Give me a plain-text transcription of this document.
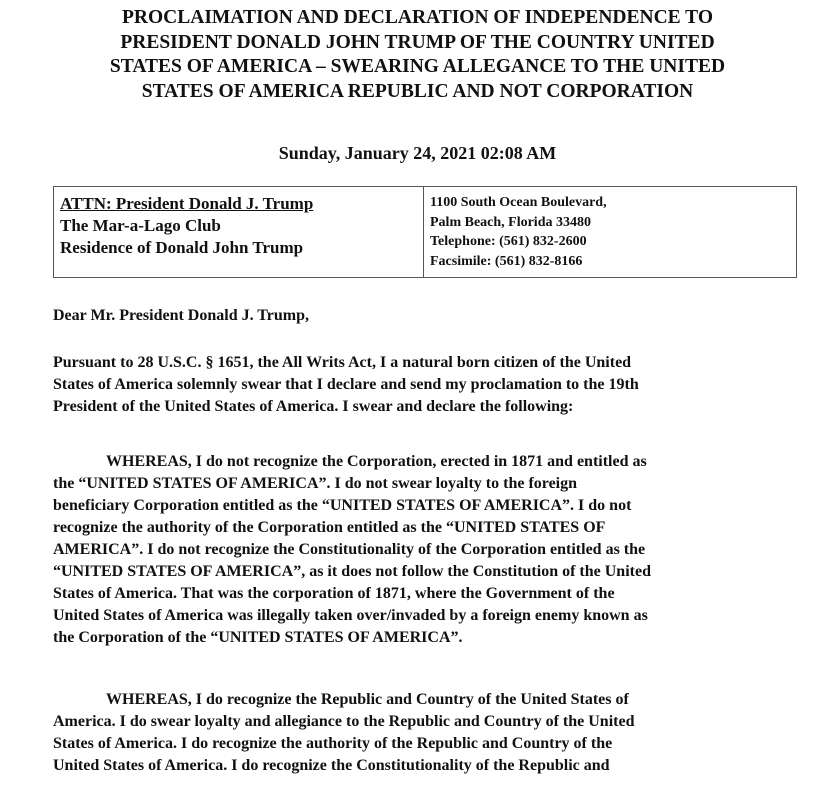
PROCLAIMATION AND DECLARATION OF INDEPENDENCE TO
PRESIDENT DONALD JOHN TRUMP OF THE COUNTRY UNITED
STATES OF AMERICA – SWEARING ALLEGANCE TO THE UNITED
STATES OF AMERICA REPUBLIC AND NOT CORPORATION
Sunday, January 24, 2021 02:08 AM
ATTN: President Donald J. Trump
The Mar-a-Lago Club
Residence of Donald John Trump
1100 South Ocean Boulevard,
Palm Beach, Florida 33480
Telephone: (561) 832-2600
Facsimile: (561) 832-8166
Dear Mr. President Donald J. Trump,
Pursuant to 28 U.S.C. § 1651, the All Writs Act, I a natural born citizen of the United
States of America solemnly swear that I declare and send my proclamation to the 19th
President of the United States of America. I swear and declare the following:
WHEREAS, I do not recognize the Corporation, erected in 1871 and entitled as
the “UNITED STATES OF AMERICA”. I do not swear loyalty to the foreign
beneficiary Corporation entitled as the “UNITED STATES OF AMERICA”. I do not
recognize the authority of the Corporation entitled as the “UNITED STATES OF
AMERICA”. I do not recognize the Constitutionality of the Corporation entitled as the
“UNITED STATES OF AMERICA”, as it does not follow the Constitution of the United
States of America. That was the corporation of 1871, where the Government of the
United States of America was illegally taken over/invaded by a foreign enemy known as
the Corporation of the “UNITED STATES OF AMERICA”.
WHEREAS, I do recognize the Republic and Country of the United States of
America. I do swear loyalty and allegiance to the Republic and Country of the United
States of America. I do recognize the authority of the Republic and Country of the
United States of America. I do recognize the Constitutionality of the Republic and
